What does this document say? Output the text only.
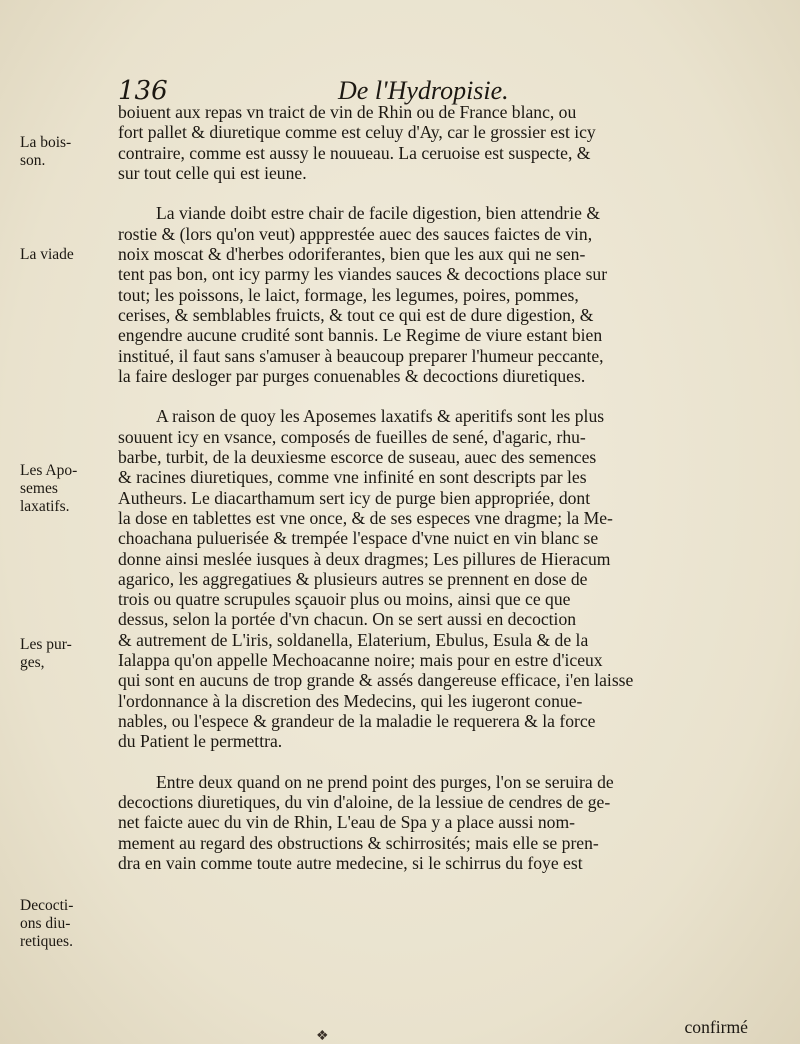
136	De l'Hydropisie.
boiuent aux repas vn traict de vin de Rhin ou de France blanc, ou
fort pallet & diuretique comme est celuy d'Ay, car le grossier est icy
contraire, comme est aussy le nouueau. La ceruoise est suspecte, &
sur tout celle qui est ieune.
La viande doibt estre chair de facile digestion, bien attendrie &
rostie & (lors qu'on veut) appprestée auec des sauces faictes de vin,
noix moscat & d'herbes odoriferantes, bien que les aux qui ne sen-
tent pas bon, ont icy parmy les viandes sauces & decoctions place sur
tout; les poissons, le laict, formage, les legumes, poires, pommes,
cerises, & semblables fruicts, & tout ce qui est de dure digestion, &
engendre aucune crudité sont bannis. Le Regime de viure estant bien
institué, il faut sans s'amuser à beaucoup preparer l'humeur peccante,
la faire desloger par purges conuenables & decoctions diuretiques.
A raison de quoy les Aposemes laxatifs & aperitifs sont les plus
souuent icy en vsance, composés de fueilles de sené, d'agaric, rhu-
barbe, turbit, de la deuxiesme escorce de suseau, auec des semences
& racines diuretiques, comme vne infinité en sont descripts par les
Autheurs. Le diacarthamum sert icy de purge bien appropriée, dont
la dose en tablettes est vne once, & de ses especes vne dragme; la Me-
choachana puluerisée & trempée l'espace d'vne nuict en vin blanc se
donne ainsi meslée iusques à deux dragmes; Les pillures de Hieracum
agarico, les aggregatiues & plusieurs autres se prennent en dose de
trois ou quatre scrupules sçauoir plus ou moins, ainsi que ce que
dessus, selon la portée d'vn chacun. On se sert aussi en decoction
& autrement de L'iris, soldanella, Elaterium, Ebulus, Esula & de la
Ialappa qu'on appelle Mechoacanne noire; mais pour en estre d'iceux
qui sont en aucuns de trop grande & assés dangereuse efficace, i'en laisse
l'ordonnance à la discretion des Medecins, qui les iugeront conue-
nables, ou l'espece & grandeur de la maladie le requerera & la force
du Patient le permettra.
Entre deux quand on ne prend point des purges, l'on se seruira de
decoctions diuretiques, du vin d'aloine, de la lessiue de cendres de ge-
net faicte auec du vin de Rhin, L'eau de Spa y a place aussi nom-
mement au regard des obstructions & schirrosités; mais elle se pren-
dra en vain comme toute autre medecine, si le schirrus du foye est
La bois-
son.
La viade
Les Apo-
semes
laxatifs.
Les pur-
ges,
Decocti-
ons diu-
retiques.
confirmé
❖
